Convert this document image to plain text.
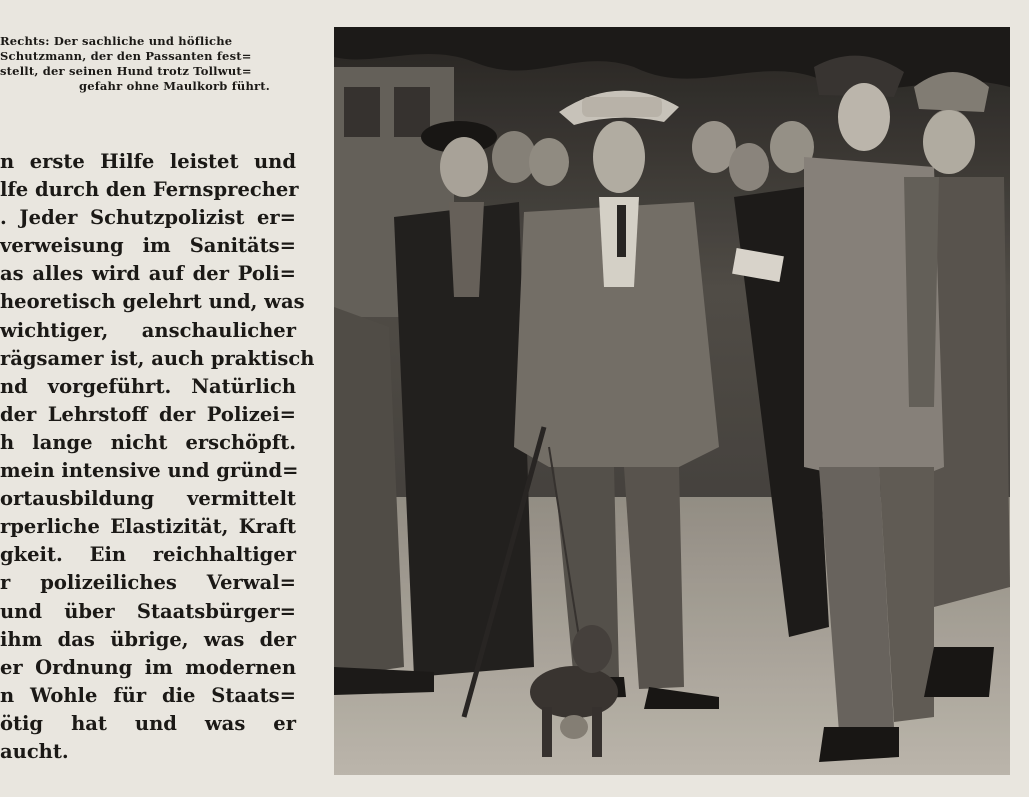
Rechts: Der sachliche und höfliche
Schutzmann, der den Passanten fest=
stellt, der seinen Hund trotz Tollwut=
gefahr ohne Maulkorb führt.
n erste Hilfe leistet und
lfe durch den Fernsprecher
. Jeder Schutzpolizist er=
verweisung im Sanitäts=
as alles wird auf der Poli=
heoretisch gelehrt und, was
wichtiger, anschaulicher
rägsamer ist, auch praktisch
nd vorgeführt. Natürlich
der Lehrstoff der Polizei=
h lange nicht erschöpft.
mein intensive und gründ=
ortausbildung vermittelt
rperliche Elastizität, Kraft
gkeit. Ein reichhaltiger
r polizeiliches Verwal=
und über Staatsbürger=
ihm das übrige, was der
er Ordnung im modernen
n Wohle für die Staats=
ötig hat und was er
aucht.
